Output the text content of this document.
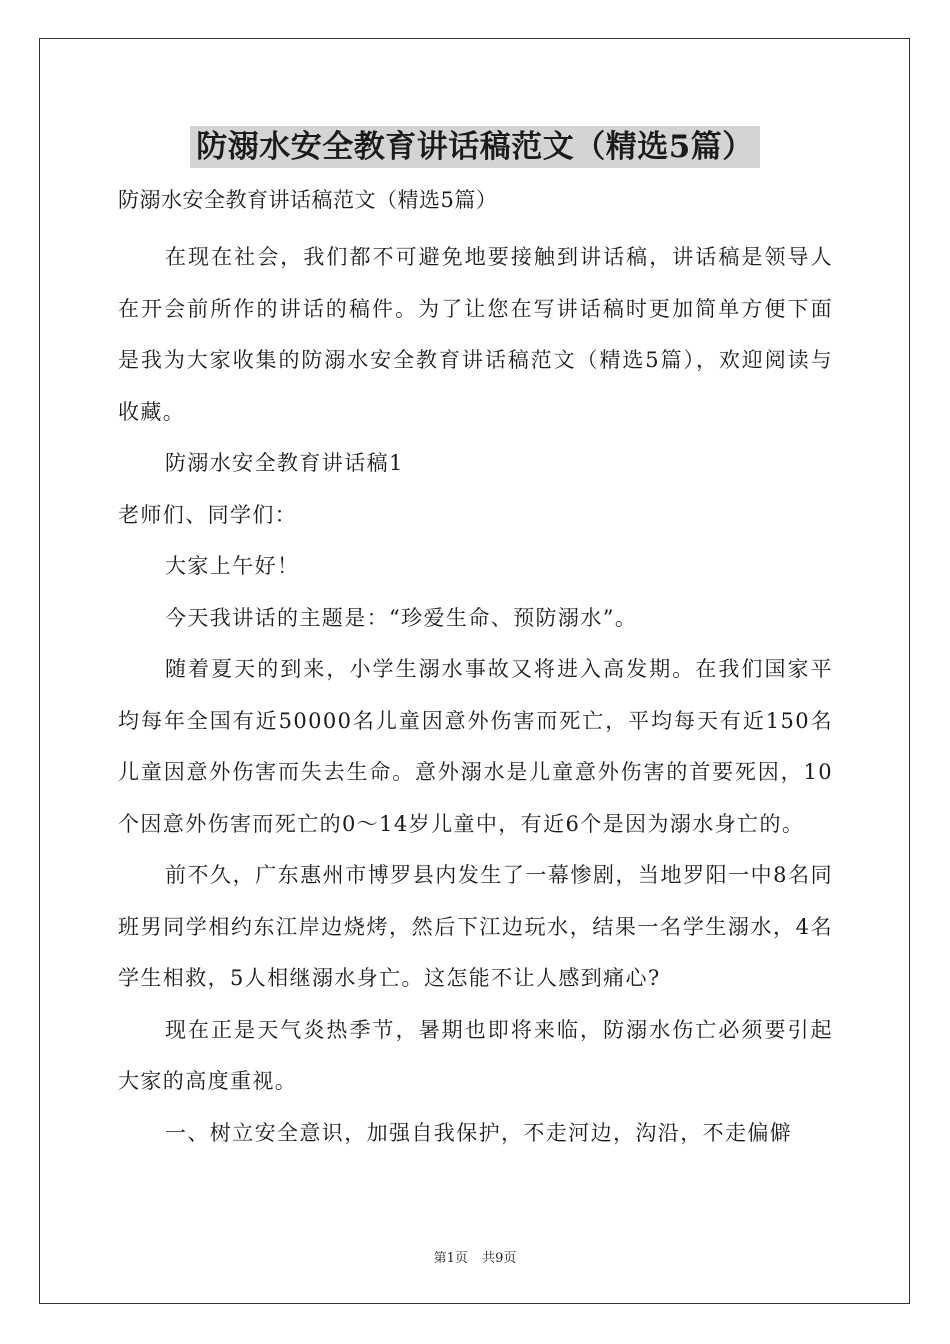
防溺水安全教育讲话稿范文（精选5篇）

防溺水安全教育讲话稿范文（精选5篇）

在现在社会，我们都不可避免地要接触到讲话稿，讲话稿是领导人在开会前所作的讲话的稿件。为了让您在写讲话稿时更加简单方便下面是我为大家收集的防溺水安全教育讲话稿范文（精选5篇），欢迎阅读与收藏。

防溺水安全教育讲话稿1

老师们、同学们：

大家上午好！

今天我讲话的主题是：“珍爱生命、预防溺水”。

随着夏天的到来，小学生溺水事故又将进入高发期。在我们国家平均每年全国有近50000名儿童因意外伤害而死亡，平均每天有近150名儿童因意外伤害而失去生命。意外溺水是儿童意外伤害的首要死因，10个因意外伤害而死亡的0～14岁儿童中，有近6个是因为溺水身亡的。

前不久，广东惠州市博罗县内发生了一幕惨剧，当地罗阳一中8名同班男同学相约东江岸边烧烤，然后下江边玩水，结果一名学生溺水，4名学生相救，5人相继溺水身亡。这怎能不让人感到痛心?

现在正是天气炎热季节，暑期也即将来临，防溺水伤亡必须要引起大家的高度重视。

一、树立安全意识，加强自我保护，不走河边，沟沿，不走偏僻

第1页 共9页
